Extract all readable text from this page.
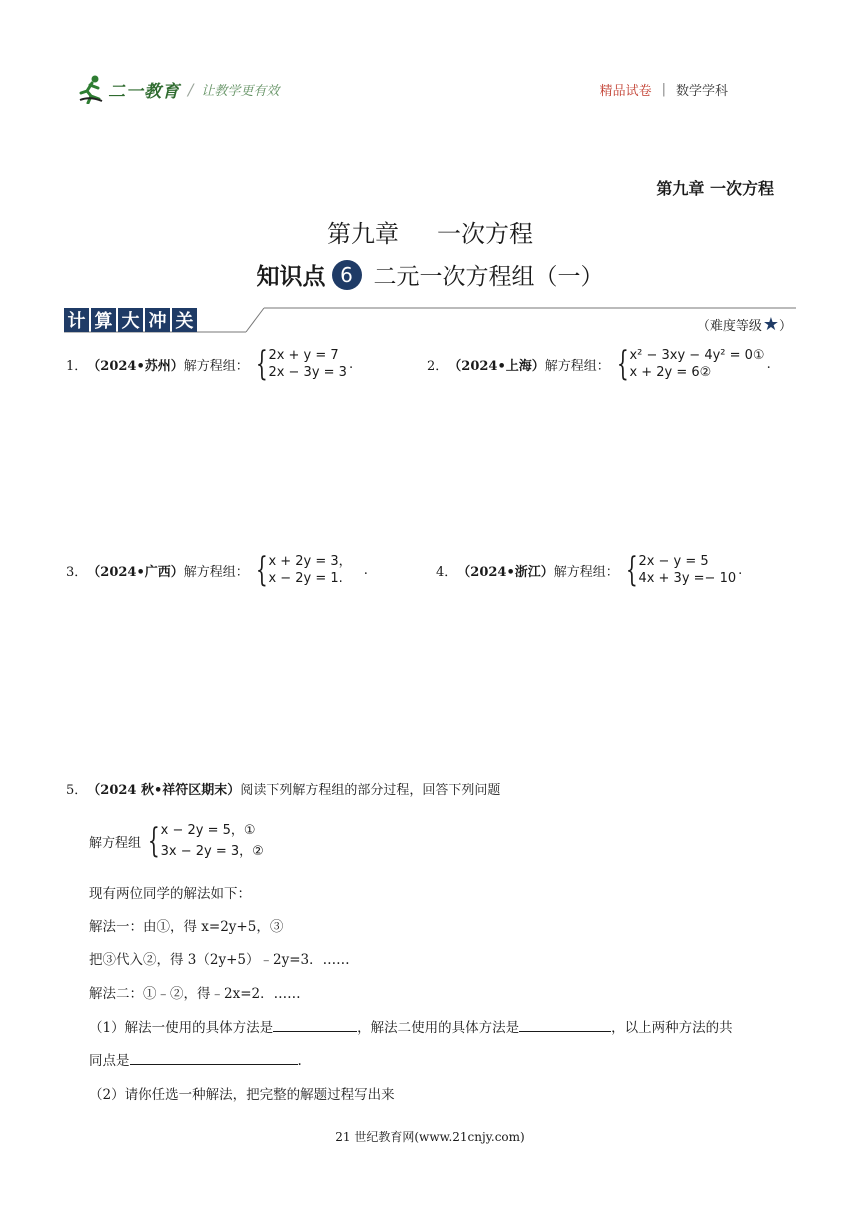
二一教育 / 让教学更有效	精品试卷 | 数学学科
第九章 一次方程
第九章 一次方程
知识点 6 二元一次方程组（一）
计 算 大 冲 关	（难度等级 ★ ）
1． （2024•苏州） 解方程组： { 2x + y = 7
2x − 3y = 3
.	2． （2024•上海） 解方程组： { x² − 3xy − 4y² = 0①
x + 2y = 6②
.
3． （2024•广西） 解方程组： { x + 2y = 3，
x − 2y = 1.
.	4． （2024•浙江） 解方程组： { 2x − y = 5
4x + 3y =− 10
.
5． （2024 秋•祥符区期末） 阅读下列解方程组的部分过程，回答下列问题
解方程组 { x − 2y = 5，①
3x − 2y = 3，②
现有两位同学的解法如下：
解法一：由①，得 x=2y+5，③
把③代入②，得 3（2y+5）﹣2y=3．……
解法二：①﹣②，得﹣2x=2．……
（1）解法一使用的具体方法是	，解法二使用的具体方法是	，以上两种方法的共
同点是	.
（2）请你任选一种解法，把完整的解题过程写出来
21 世纪教育网(www.21cnjy.com)
